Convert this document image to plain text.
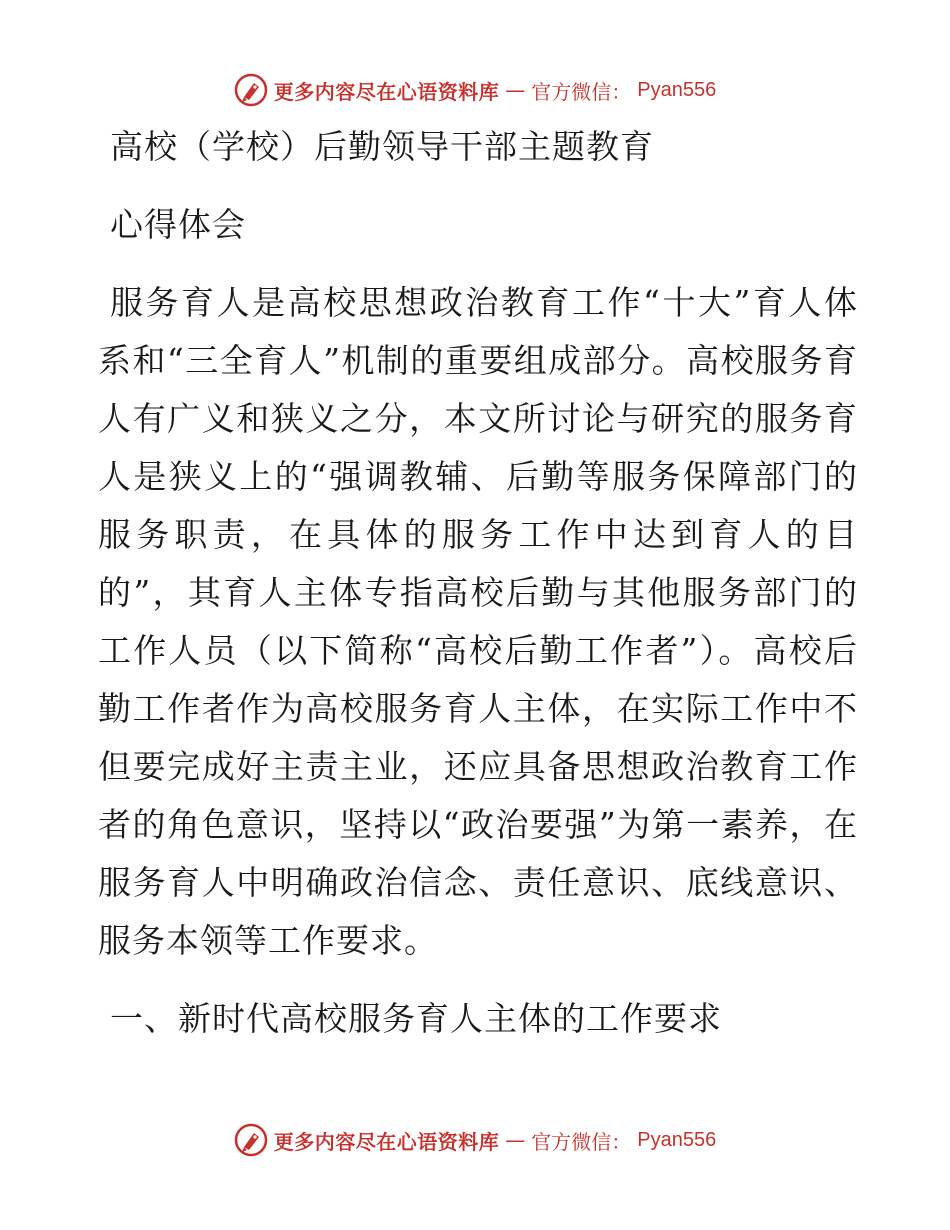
更多内容尽在心语资料库 — 官方微信： Pyan556
高校（学校）后勤领导干部主题教育
心得体会
服务育人是高校思想政治教育工作“十大”育人体系和“三全育人”机制的重要组成部分。高校服务育人有广义和狭义之分，本文所讨论与研究的服务育人是狭义上的“强调教辅、后勤等服务保障部门的服务职责，在具体的服务工作中达到育人的目的”，其育人主体专指高校后勤与其他服务部门的工作人员（以下简称“高校后勤工作者”）。高校后勤工作者作为高校服务育人主体，在实际工作中不但要完成好主责主业，还应具备思想政治教育工作者的角色意识，坚持以“政治要强”为第一素养，在服务育人中明确政治信念、责任意识、底线意识、服务本领等工作要求。
一、新时代高校服务育人主体的工作要求
更多内容尽在心语资料库 — 官方微信： Pyan556
